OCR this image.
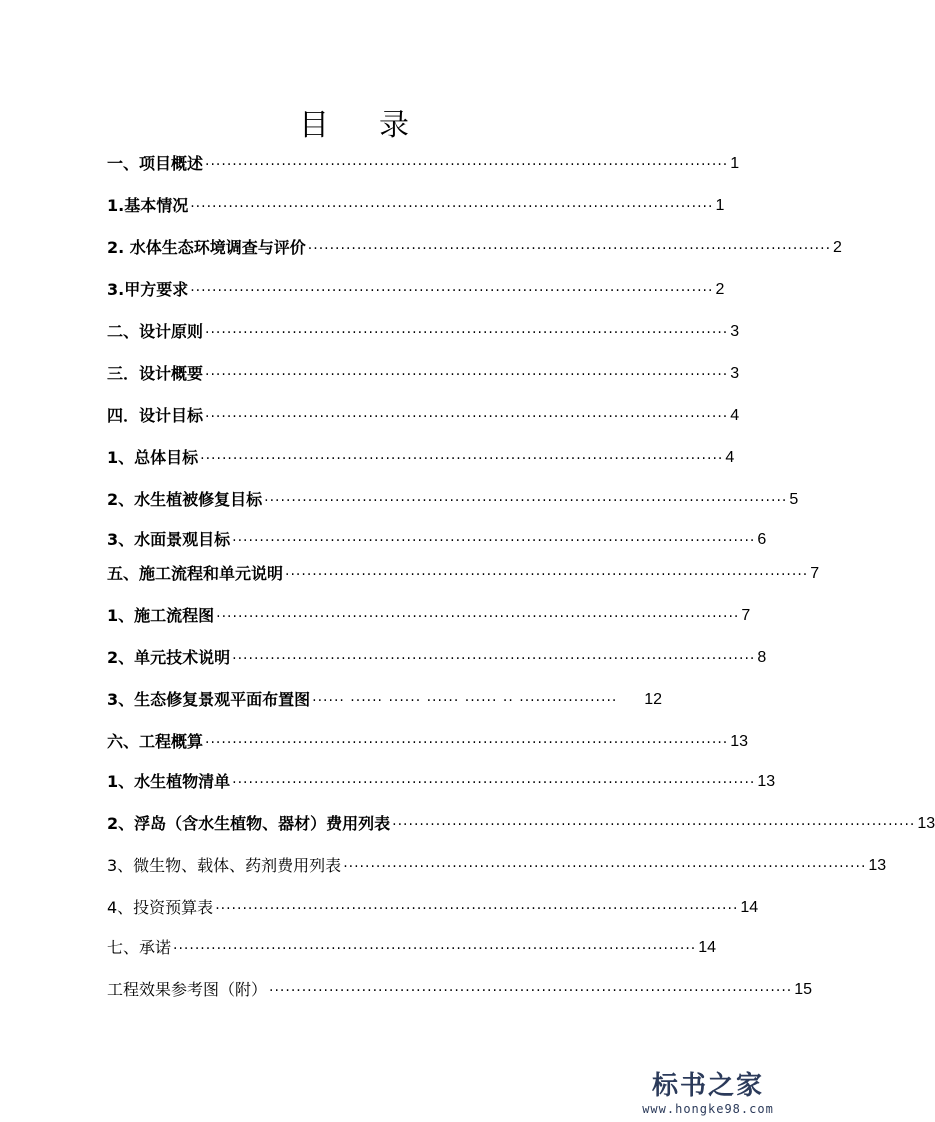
目 录
一、项目概述 ································································································ 1
1.基本情况 ································································································ 1
2. 水体生态环境调查与评价 ································································································ 2
3.甲方要求 ································································································ 2
二、设计原则 ································································································ 3
三．设计概要 ································································································ 3
四．设计目标 ································································································ 4
1、总体目标 ································································································ 4
2、水生植被修复目标 ································································································ 5
3、水面景观目标 ································································································ 6
五、施工流程和单元说明 ································································································ 7
1、施工流程图 ································································································ 7
2、单元技术说明 ································································································ 8
3、生态修复景观平面布置图 ······ ······ ······ ······ ······ ·· ··················	12
六、工程概算 ································································································ 13
1、水生植物清单 ································································································ 13
2、浮岛（含水生植物、器材）费用列表 ································································································ 13
3、微生物、载体、药剂费用列表 ································································································ 13
4、投资预算表 ································································································ 14
七、承诺 ································································································ 14
工程效果参考图（附） ································································································ 15
标书之家
www.hongke98.com
